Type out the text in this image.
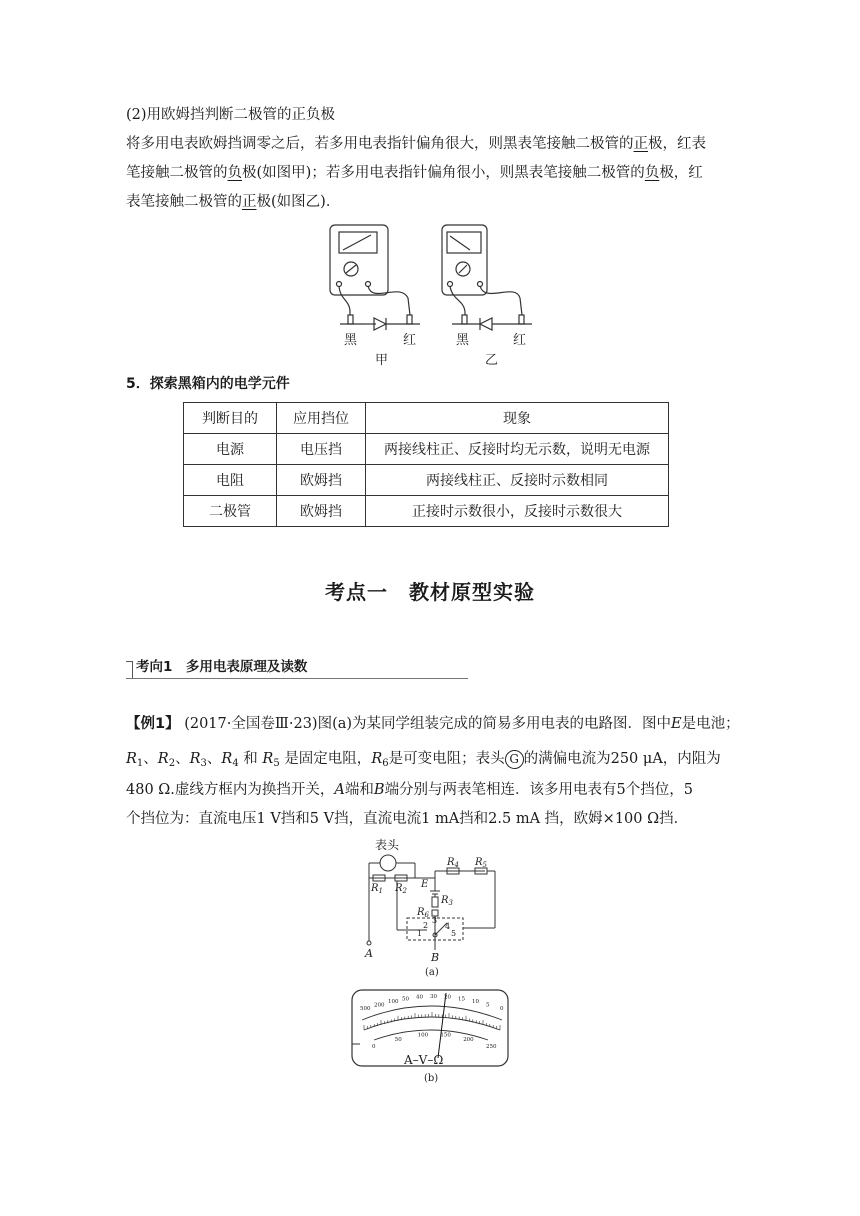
(2)用欧姆挡判断二极管的正负极
将多用电表欧姆挡调零之后，若多用电表指针偏角很大，则黑表笔接触二极管的正极，红表
笔接触二极管的负极(如图甲)；若多用电表指针偏角很小，则黑表笔接触二极管的负极，红
表笔接触二极管的正极(如图乙)．
黑	红
甲
黑	红
乙
5．探索黑箱内的电学元件
判断目的	应用挡位	现象
电源	电压挡	两接线柱正、反接时均无示数，说明无电源
电阻	欧姆挡	两接线柱正、反接时示数相同
二极管	欧姆挡	正接时示数很小，反接时示数很大
考点一　教材原型实验
考向1　多用电表原理及读数
【例1】 (2017·全国卷Ⅲ·23)图(a)为某同学组装完成的简易多用电表的电路图．图中E是电池；
$R_1$、$R_2$、$R_3$、$R_4$ 和 $R_5$ 是固定电阻，$R_6$是可变电阻；表头 G 的满偏电流为250 μA，内阻为
480 Ω.虚线方框内为换挡开关，A端和B端分别与两表笔相连．该多用电表有5个挡位，5
个挡位为：直流电压1 V挡和5 V挡，直流电流1 mA挡和2.5 mA 挡，欧姆×100 Ω挡．
表头
$R_1$ $R_2$
E
$R_3$
$R_6$
$R_4$ $R_5$
1
2
3
4
5
A	B
(a)
A–V–Ω
(b)
500
200
100 50 40 30 20 15 10
5
0
0
50
100 150
200
250
